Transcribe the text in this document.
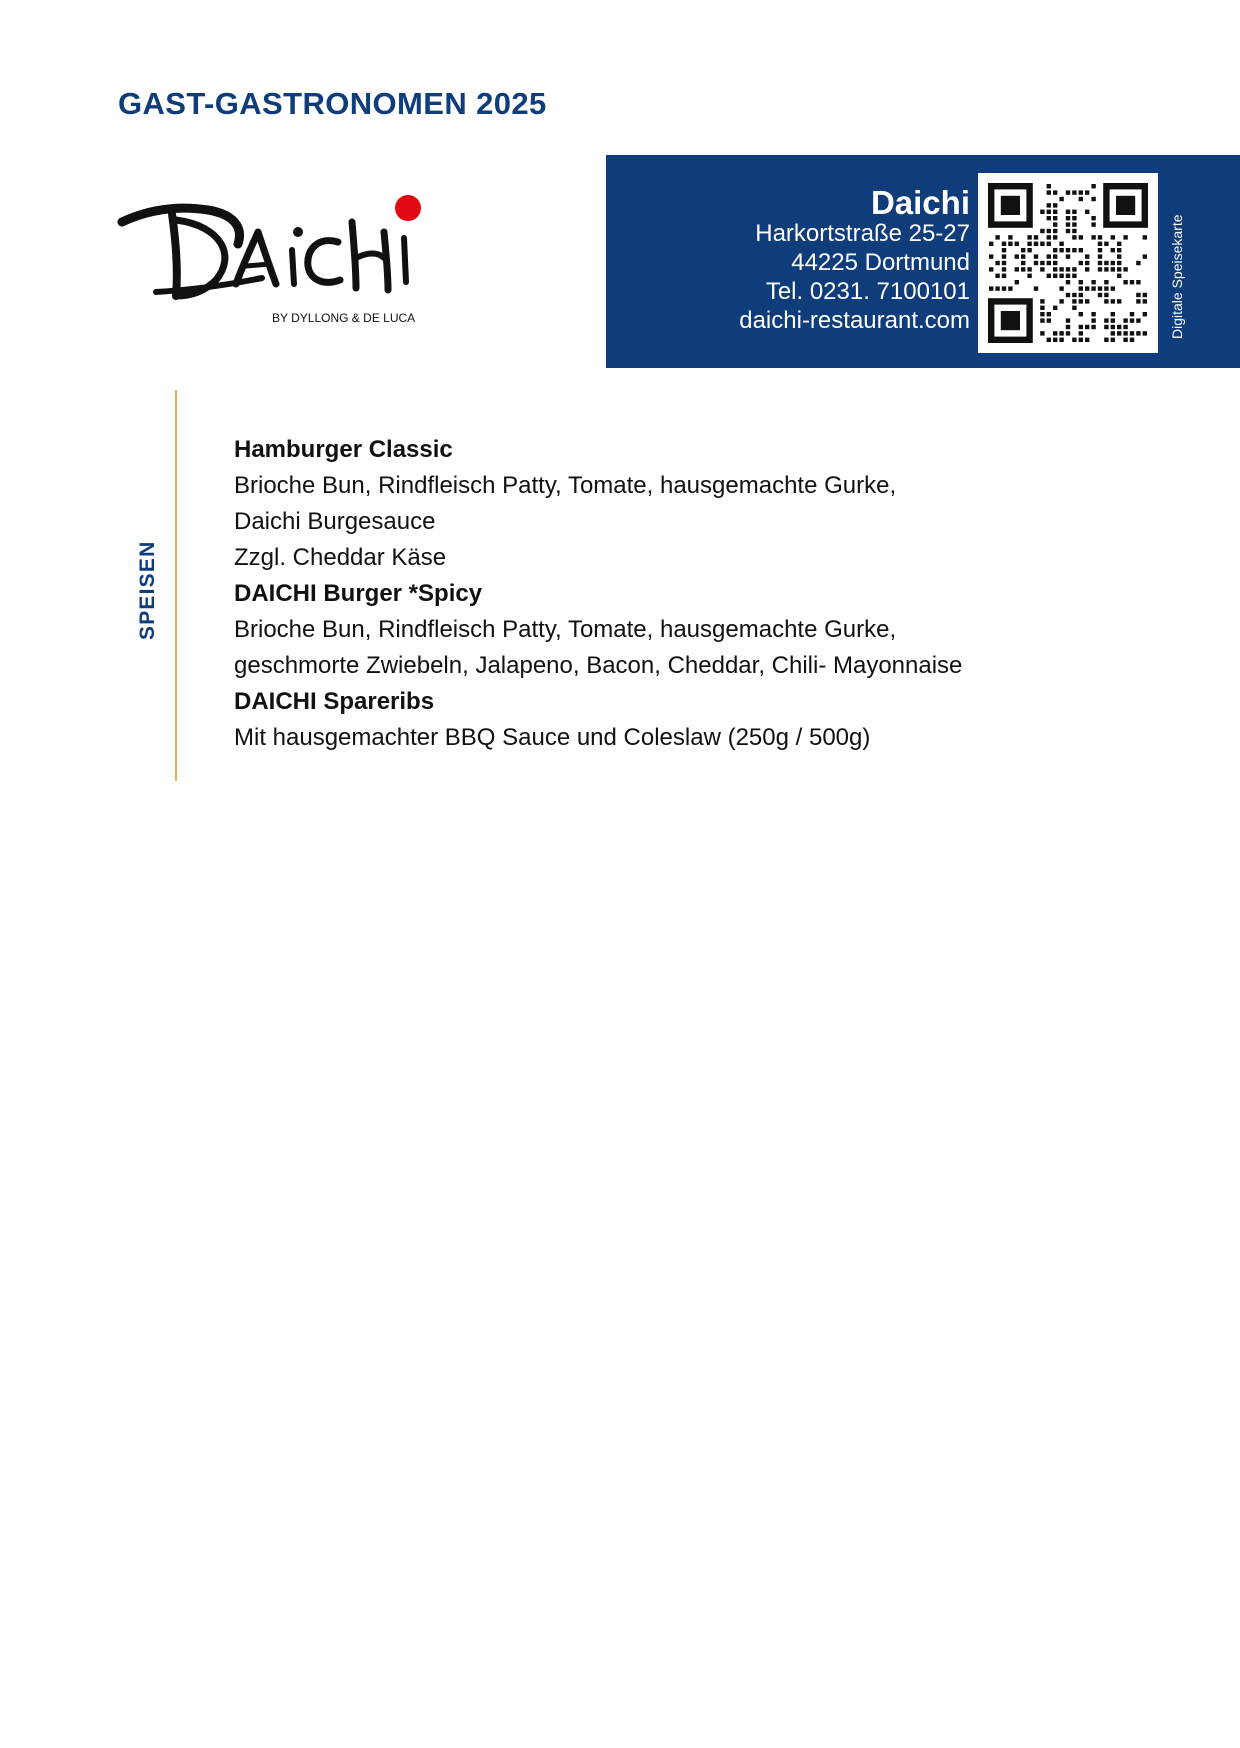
GAST-GASTRONOMEN 2025
BY DYLLONG & DE LUCA
Daichi
Harkortstraße 25-27
44225 Dortmund
Tel. 0231. 7100101
daichi-restaurant.com	Digitale Speisekarte
SPEISEN
Hamburger Classic
Brioche Bun, Rindfleisch Patty, Tomate, hausgemachte Gurke,
Daichi Burgesauce
Zzgl. Cheddar Käse
DAICHI Burger *Spicy
Brioche Bun, Rindfleisch Patty, Tomate, hausgemachte Gurke,
geschmorte Zwiebeln, Jalapeno, Bacon, Cheddar, Chili- Mayonnaise
DAICHI Spareribs
Mit hausgemachter BBQ Sauce und Coleslaw (250g / 500g)
